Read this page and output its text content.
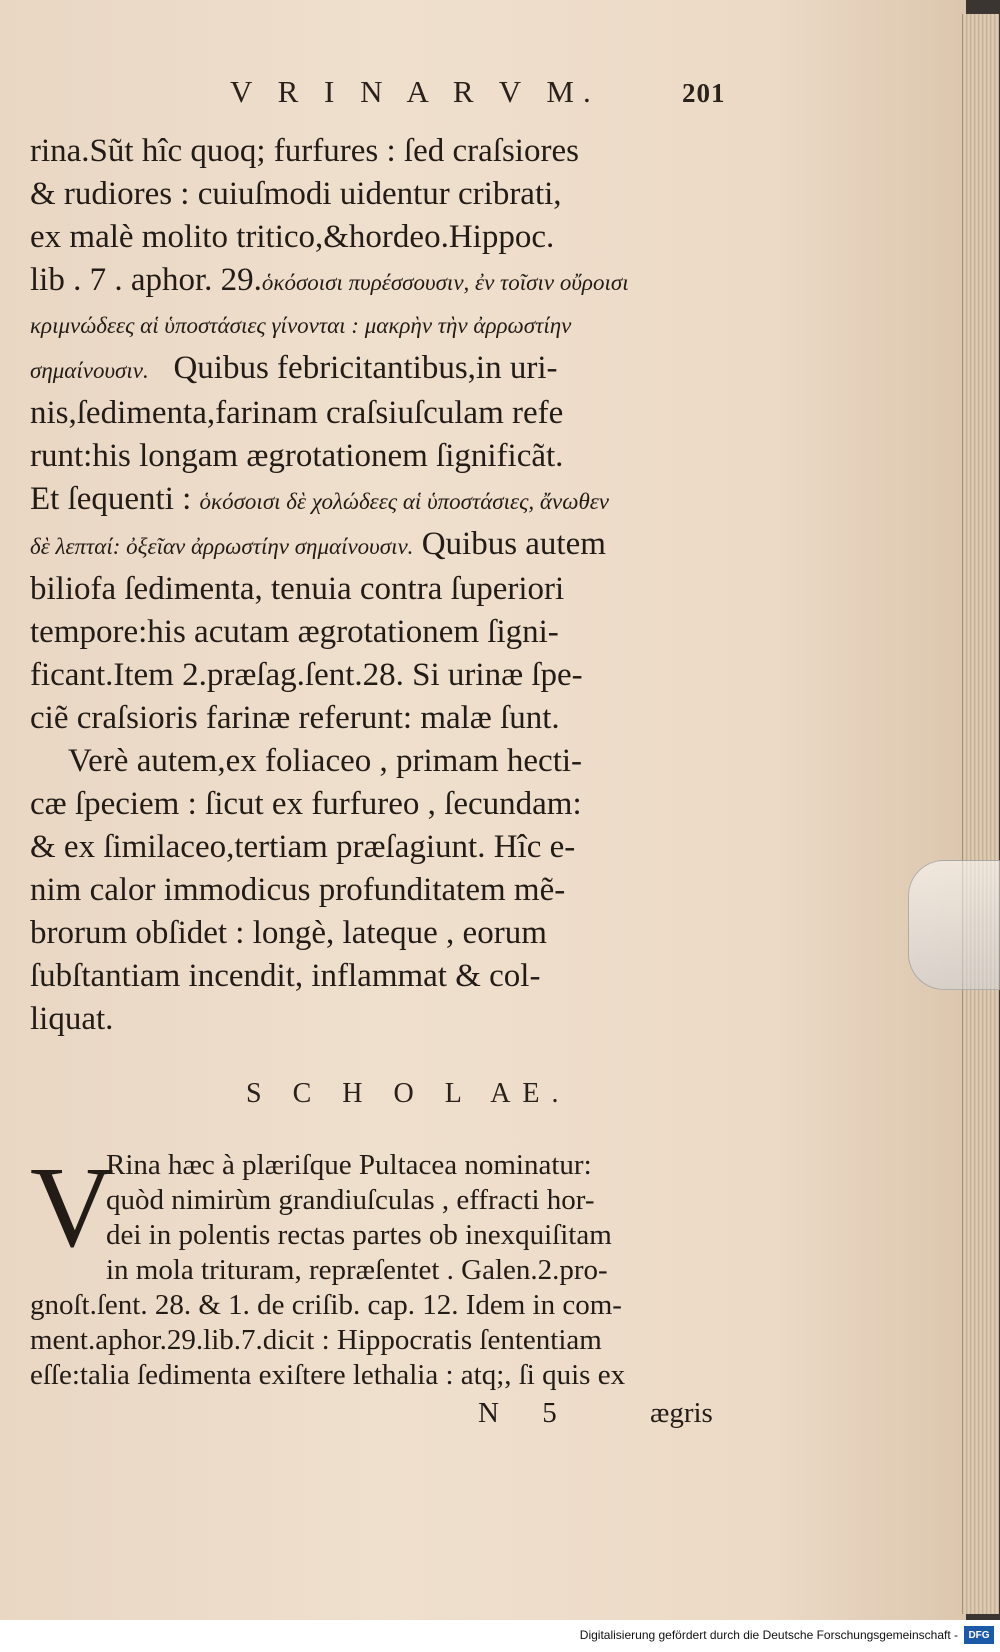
V R I N A R V M.	201
rina.Sũt hîc quoq; furfures : ſed craſsiores
& rudiores : cuiuſmodi uidentur cribrati,
ex malè molito tritico,&hordeo.Hippoc.
lib . 7 . aphor. 29.ὁκόσοισι πυρέσσουσιν, ἐν τοῖσιν οὔροισι
κριμνώδεες αἱ ὑποστάσιες γίνονται : μακρὴν τὴν ἀρρωστίην
σημαίνουσιν. Quibus febricitantibus,in uri-
nis,ſedimenta,farinam craſsiuſculam refe
runt:his longam ægrotationem ſignificãt.
Et ſequenti : ὁκόσοισι δὲ χολώδεες αἱ ὑποστάσιες, ἄνωθεν
δὲ λεπταί: ὀξεῖαν ἀρρωστίην σημαίνουσιν. Quibus autem
biliofa ſedimenta, tenuia contra ſuperiori
tempore:his acutam ægrotationem ſigni-
ficant.Item 2.præſag.ſent.28. Si urinæ ſpe-
ciẽ craſsioris farinæ referunt: malæ ſunt.
Verè autem,ex foliaceo , primam hecti-
cæ ſpeciem : ſicut ex furfureo , ſecundam:
& ex ſimilaceo,tertiam præſagiunt. Hîc e-
nim calor immodicus profunditatem mẽ-
brorum obſidet : longè, lateque , eorum
ſubſtantiam incendit, inflammat & col-
liquat.
S C H O L AE.
V
Rina hæc à plæriſque Pultacea nominatur:
quòd nimirùm grandiuſculas , effracti hor-
dei in polentis rectas partes ob inexquiſitam
in mola trituram, repræſentet . Galen.2.pro-
gnoſt.ſent. 28. & 1. de criſib. cap. 12. Idem in com-
ment.aphor.29.lib.7.dicit : Hippocratis ſententiam
eſſe:talia ſedimenta exiſtere lethalia : atq;, ſi quis ex
N 5	ægris
Digitalisierung gefördert durch die Deutsche Forschungsgemeinschaft -	DFG
